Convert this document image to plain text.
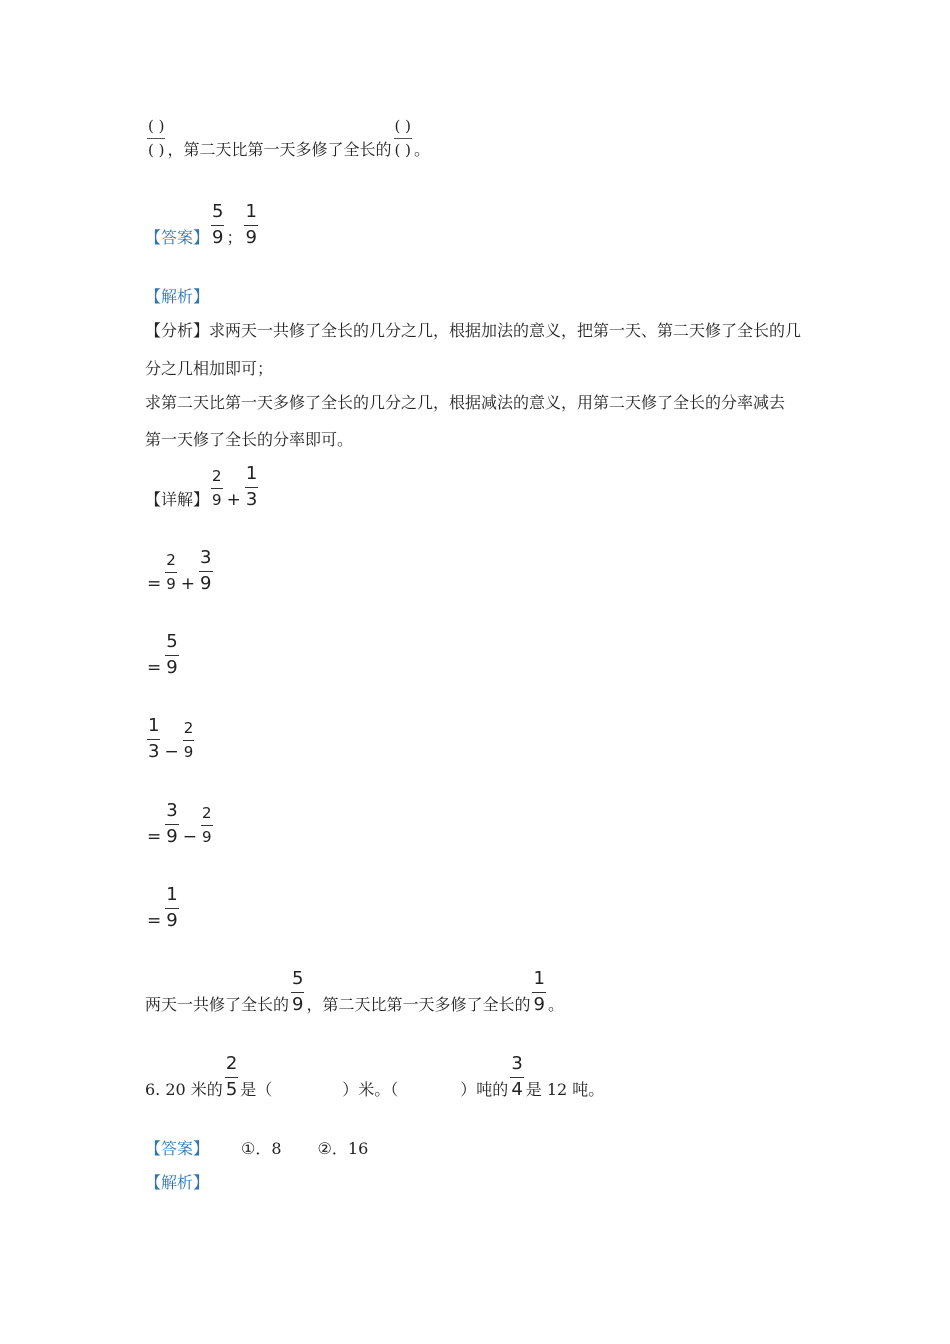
( )
( ) ，第二天比第一天多修了全长的
( )
( ) 。
【答案】 $\frac{5}{9}$ ； $\frac{1}{9}$
【解析】
【分析】求两天一共修了全长的几分之几，根据加法的意义，把第一天、第二天修了全长的几
分之几相加即可；
求第二天比第一天多修了全长的几分之几，根据减法的意义，用第二天修了全长的分率减去
第一天修了全长的分率即可。
【详解】 $\frac{2}{9} + \frac{1}{3}$
= $\frac{2}{9} + \frac{3}{9}$
= $\frac{5}{9}$
$\frac{1}{3} - \frac{2}{9}$
= $\frac{3}{9} - \frac{2}{9}$
= $\frac{1}{9}$
两天一共修了全长的 $\frac{5}{9}$ ，第二天比第一天多修了全长的 $\frac{1}{9}$ 。
6. 20 米的 $\frac{2}{5}$ 是（	）米。（	）吨的 $\frac{3}{4}$ 是 12 吨。
【答案】 ①．8 ②．16
【解析】
